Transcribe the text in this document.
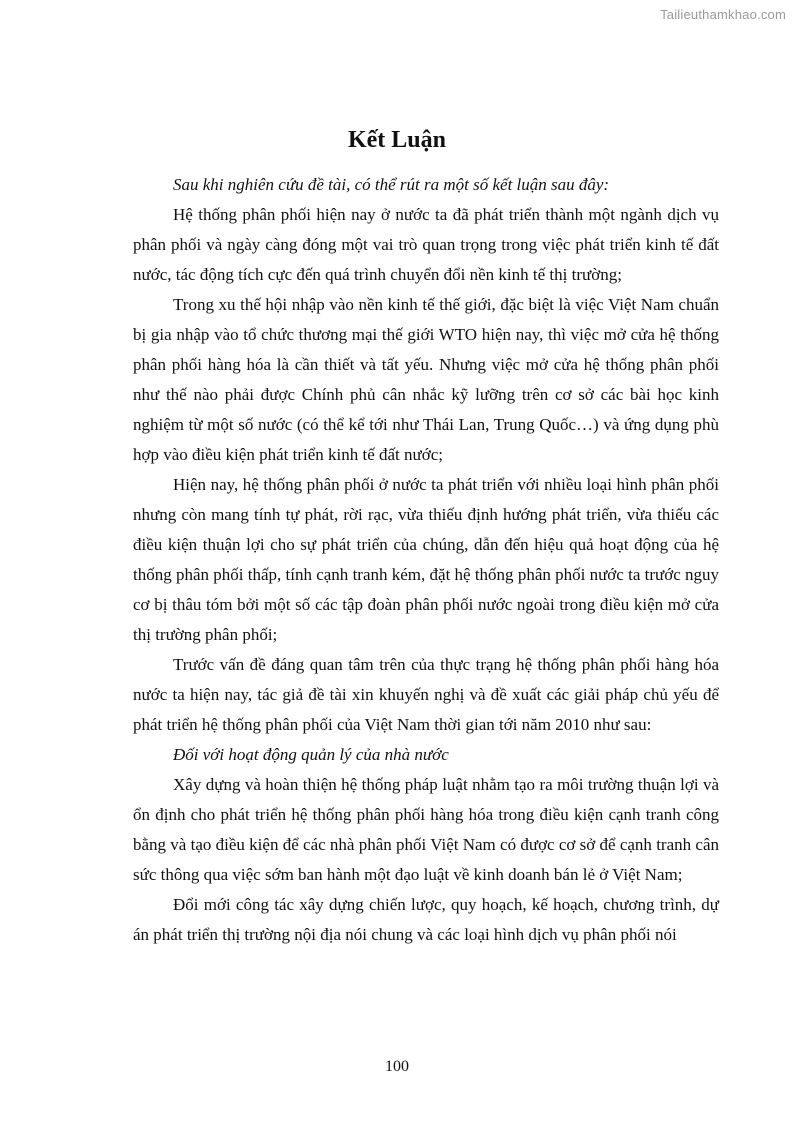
Tailieuthamkhao.com
Kết Luận

Sau khi nghiên cứu đề tài, có thể rút ra một số kết luận sau đây:

Hệ thống phân phối hiện nay ở nước ta đã phát triển thành một ngành dịch vụ phân phối và ngày càng đóng một vai trò quan trọng trong việc phát triển kinh tế đất nước, tác động tích cực đến quá trình chuyển đổi nền kinh tế thị trường;

Trong xu thế hội nhập vào nền kinh tế thế giới, đặc biệt là việc Việt Nam chuẩn bị gia nhập vào tổ chức thương mại thế giới WTO hiện nay, thì việc mở cửa hệ thống phân phối hàng hóa là cần thiết và tất yếu. Nhưng việc mở cửa hệ thống phân phối như thế nào phải được Chính phủ cân nhắc kỹ lưỡng trên cơ sở các bài học kinh nghiệm từ một số nước (có thể kể tới như Thái Lan, Trung Quốc…) và ứng dụng phù hợp vào điều kiện phát triển kinh tế đất nước;

Hiện nay, hệ thống phân phối ở nước ta phát triển với nhiều loại hình phân phối nhưng còn mang tính tự phát, rời rạc, vừa thiếu định hướng phát triển, vừa thiếu các điều kiện thuận lợi cho sự phát triển của chúng, dẫn đến hiệu quả hoạt động của hệ thống phân phối thấp, tính cạnh tranh kém, đặt hệ thống phân phối nước ta trước nguy cơ bị thâu tóm bởi một số các tập đoàn phân phối nước ngoài trong điều kiện mở cửa thị trường phân phối;

Trước vấn đề đáng quan tâm trên của thực trạng hệ thống phân phối hàng hóa nước ta hiện nay, tác giả đề tài xin khuyến nghị và đề xuất các giải pháp chủ yếu để phát triển hệ thống phân phối của Việt Nam thời gian tới năm 2010 như sau:

Đối với hoạt động quản lý của nhà nước

Xây dựng và hoàn thiện hệ thống pháp luật nhằm tạo ra môi trường thuận lợi và ổn định cho phát triển hệ thống phân phối hàng hóa trong điều kiện cạnh tranh công bằng và tạo điều kiện để các nhà phân phối Việt Nam có được cơ sở để cạnh tranh cân sức thông qua việc sớm ban hành một đạo luật về kinh doanh bán lẻ ở Việt Nam;

Đổi mới công tác xây dựng chiến lược, quy hoạch, kế hoạch, chương trình, dự án phát triển thị trường nội địa nói chung và các loại hình dịch vụ phân phối nói

100
